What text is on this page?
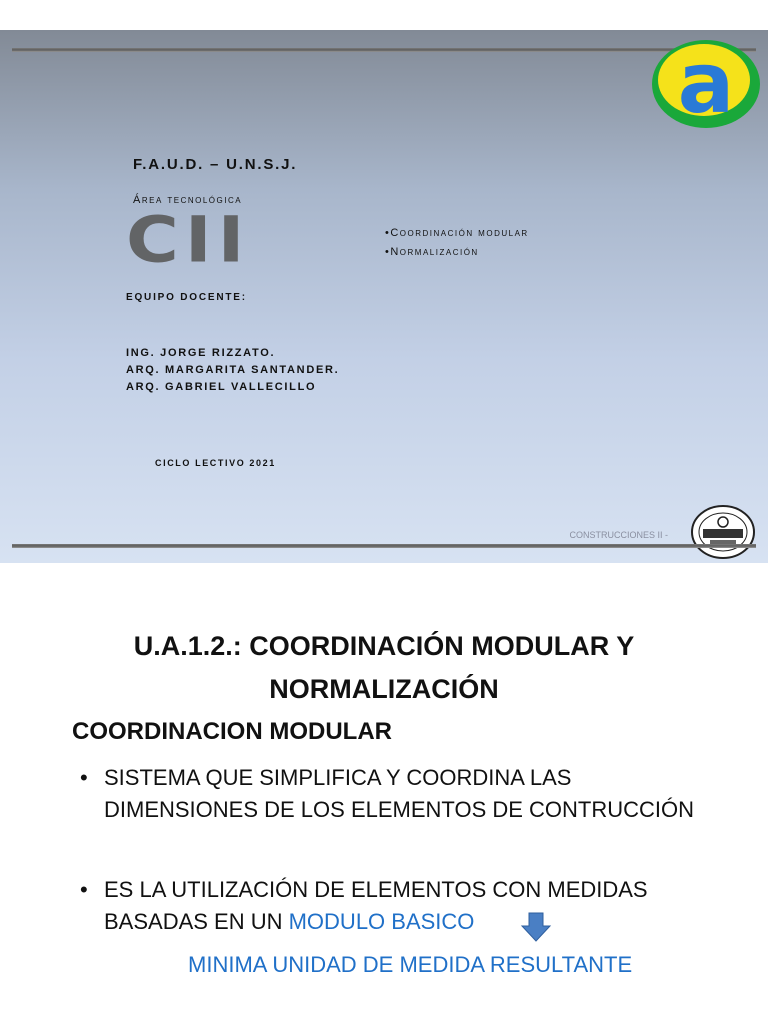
a
F.A.U.D. – U.N.S.J.
Área tecnológica
CII	•Coordinación modular
•Normalización
EQUIPO DOCENTE:
ING. JORGE RIZZATO.
ARQ. MARGARITA SANTANDER.
ARQ. GABRIEL VALLECILLO
CICLO LECTIVO 2021
CONSTRUCCIONES II -
U.A.1.2.: COORDINACIÓN MODULAR Y
NORMALIZACIÓN
COORDINACION MODULAR
• SISTEMA QUE SIMPLIFICA Y COORDINA LAS
DIMENSIONES DE LOS ELEMENTOS DE CONTRUCCIÓN
• ES LA UTILIZACIÓN DE ELEMENTOS CON MEDIDAS
BASADAS EN UN MODULO BASICO
MINIMA UNIDAD DE MEDIDA RESULTANTE
